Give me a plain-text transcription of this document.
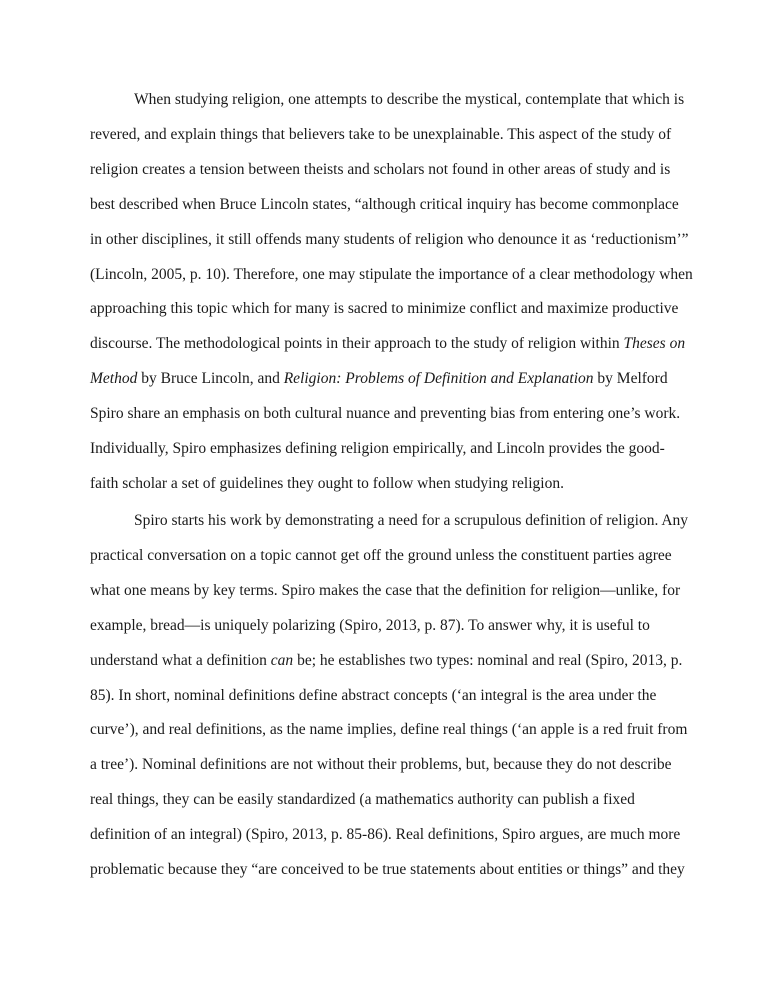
When studying religion, one attempts to describe the mystical, contemplate that which is
revered, and explain things that believers take to be unexplainable. This aspect of the study of
religion creates a tension between theists and scholars not found in other areas of study and is
best described when Bruce Lincoln states, “although critical inquiry has become commonplace
in other disciplines, it still offends many students of religion who denounce it as ‘reductionism’”
(Lincoln, 2005, p. 10). Therefore, one may stipulate the importance of a clear methodology when
approaching this topic which for many is sacred to minimize conflict and maximize productive
discourse. The methodological points in their approach to the study of religion within Theses on
Method by Bruce Lincoln, and Religion: Problems of Definition and Explanation by Melford
Spiro share an emphasis on both cultural nuance and preventing bias from entering one’s work.
Individually, Spiro emphasizes defining religion empirically, and Lincoln provides the good-
faith scholar a set of guidelines they ought to follow when studying religion.
Spiro starts his work by demonstrating a need for a scrupulous definition of religion. Any
practical conversation on a topic cannot get off the ground unless the constituent parties agree
what one means by key terms. Spiro makes the case that the definition for religion—unlike, for
example, bread—is uniquely polarizing (Spiro, 2013, p. 87). To answer why, it is useful to
understand what a definition can be; he establishes two types: nominal and real (Spiro, 2013, p.
85). In short, nominal definitions define abstract concepts (‘an integral is the area under the
curve’), and real definitions, as the name implies, define real things (‘an apple is a red fruit from
a tree’). Nominal definitions are not without their problems, but, because they do not describe
real things, they can be easily standardized (a mathematics authority can publish a fixed
definition of an integral) (Spiro, 2013, p. 85-86). Real definitions, Spiro argues, are much more
problematic because they “are conceived to be true statements about entities or things” and they
